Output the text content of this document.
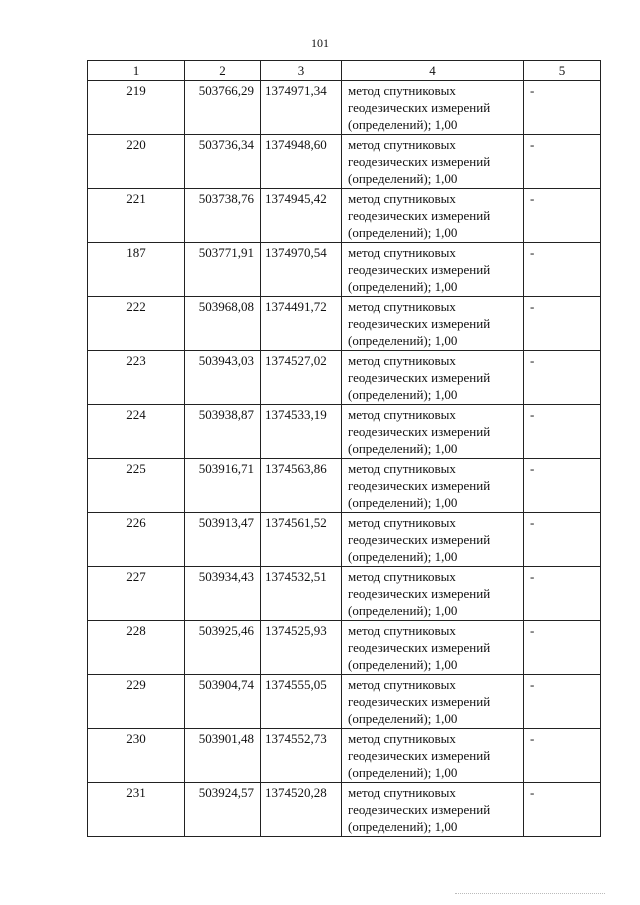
101
1	2	3	4	5
219	503766,29	1374971,34	метод спутниковых
геодезических измерений
(определений); 1,00	-
220	503736,34	1374948,60	метод спутниковых
геодезических измерений
(определений); 1,00	-
221	503738,76	1374945,42	метод спутниковых
геодезических измерений
(определений); 1,00	-
187	503771,91	1374970,54	метод спутниковых
геодезических измерений
(определений); 1,00	-
222	503968,08	1374491,72	метод спутниковых
геодезических измерений
(определений); 1,00	-
223	503943,03	1374527,02	метод спутниковых
геодезических измерений
(определений); 1,00	-
224	503938,87	1374533,19	метод спутниковых
геодезических измерений
(определений); 1,00	-
225	503916,71	1374563,86	метод спутниковых
геодезических измерений
(определений); 1,00	-
226	503913,47	1374561,52	метод спутниковых
геодезических измерений
(определений); 1,00	-
227	503934,43	1374532,51	метод спутниковых
геодезических измерений
(определений); 1,00	-
228	503925,46	1374525,93	метод спутниковых
геодезических измерений
(определений); 1,00	-
229	503904,74	1374555,05	метод спутниковых
геодезических измерений
(определений); 1,00	-
230	503901,48	1374552,73	метод спутниковых
геодезических измерений
(определений); 1,00	-
231	503924,57	1374520,28	метод спутниковых
геодезических измерений
(определений); 1,00	-
